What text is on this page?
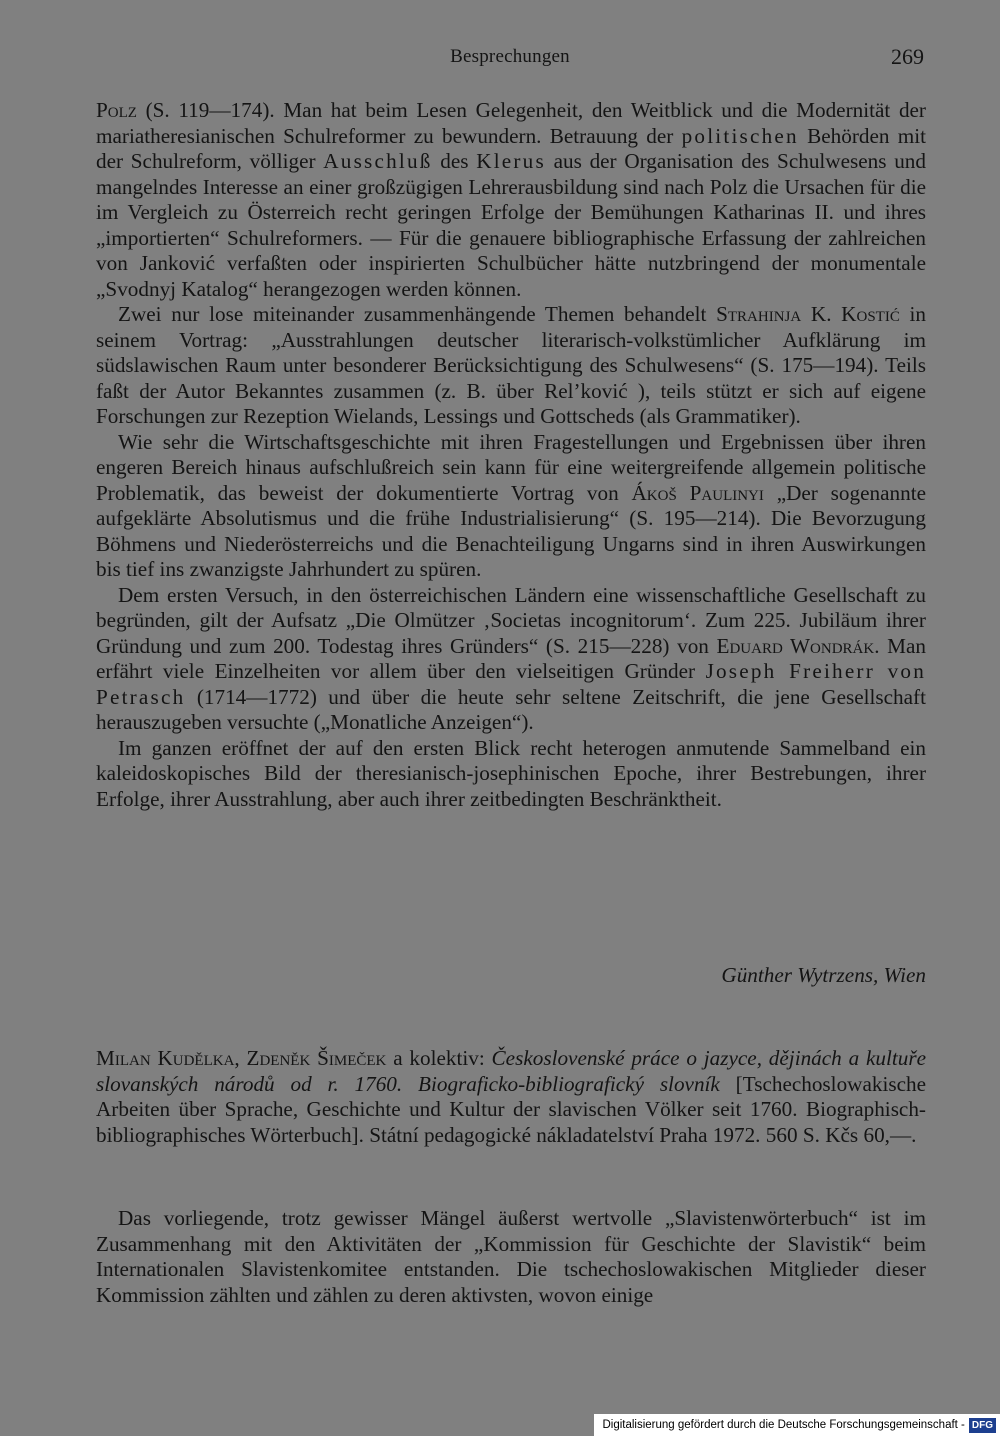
Besprechungen	269

Polz (S. 119—174). Man hat beim Lesen Gelegenheit, den Weitblick und die Modernität der mariatheresianischen Schulreformer zu bewundern. Betrauung der politischen Behörden mit der Schulreform, völliger Ausschluß des Klerus aus der Organisation des Schulwesens und mangelndes Interesse an einer großzügigen Lehrerausbildung sind nach Polz die Ursachen für die im Vergleich zu Österreich recht geringen Erfolge der Bemühungen Katharinas II. und ihres „importierten“ Schulreformers. — Für die genauere bibliographische Erfassung der zahlreichen von Janković verfaßten oder inspirierten Schulbücher hätte nutzbringend der monumentale „Svodnyj Katalog“ herangezogen werden können.

Zwei nur lose miteinander zusammenhängende Themen behandelt Strahinja K. Kostić in seinem Vortrag: „Ausstrahlungen deutscher literarisch-volkstümlicher Aufklärung im südslawischen Raum unter besonderer Berücksichtigung des Schulwesens“ (S. 175—194). Teils faßt der Autor Bekanntes zusammen (z. B. über Rel’ković ), teils stützt er sich auf eigene Forschungen zur Rezeption Wielands, Lessings und Gottscheds (als Grammatiker).

Wie sehr die Wirtschaftsgeschichte mit ihren Fragestellungen und Ergebnissen über ihren engeren Bereich hinaus aufschlußreich sein kann für eine weitergreifende allgemein politische Problematik, das beweist der dokumentierte Vortrag von Ákoš Paulinyi „Der sogenannte aufgeklärte Absolutismus und die frühe Industrialisierung“ (S. 195—214). Die Bevorzugung Böhmens und Niederösterreichs und die Benachteiligung Ungarns sind in ihren Auswirkungen bis tief ins zwanzigste Jahrhundert zu spüren.

Dem ersten Versuch, in den österreichischen Ländern eine wissenschaftliche Gesellschaft zu begründen, gilt der Aufsatz „Die Olmützer ‚Societas incognitorum‘. Zum 225. Jubiläum ihrer Gründung und zum 200. Todestag ihres Gründers“ (S. 215—228) von Eduard Wondrák. Man erfährt viele Einzelheiten vor allem über den vielseitigen Gründer Joseph Freiherr von Petrasch (1714—1772) und über die heute sehr seltene Zeitschrift, die jene Gesellschaft herauszugeben versuchte („Monatliche Anzeigen“).

Im ganzen eröffnet der auf den ersten Blick recht heterogen anmutende Sammelband ein kaleidoskopisches Bild der theresianisch-josephinischen Epoche, ihrer Bestrebungen, ihrer Erfolge, ihrer Ausstrahlung, aber auch ihrer zeitbedingten Beschränktheit.

Günther Wytrzens, Wien

Milan Kudělka, Zdeněk Šimeček a kolektiv: Československé práce o jazyce, dějinách a kultuře slovanských národů od r. 1760. Biograficko-bibliografický slovník [Tschechoslowakische Arbeiten über Sprache, Geschichte und Kultur der slavischen Völker seit 1760. Biographisch-bibliographisches Wörterbuch]. Státní pedagogické nákladatelství Praha 1972. 560 S. Kčs 60,—.

Das vorliegende, trotz gewisser Mängel äußerst wertvolle „Slavistenwörterbuch“ ist im Zusammenhang mit den Aktivitäten der „Kommission für Geschichte der Slavistik“ beim Internationalen Slavistenkomitee entstanden. Die tschechoslowakischen Mitglieder dieser Kommission zählten und zählen zu deren aktivsten, wovon einige

Digitalisierung gefördert durch die Deutsche Forschungsgemeinschaft - DFG
